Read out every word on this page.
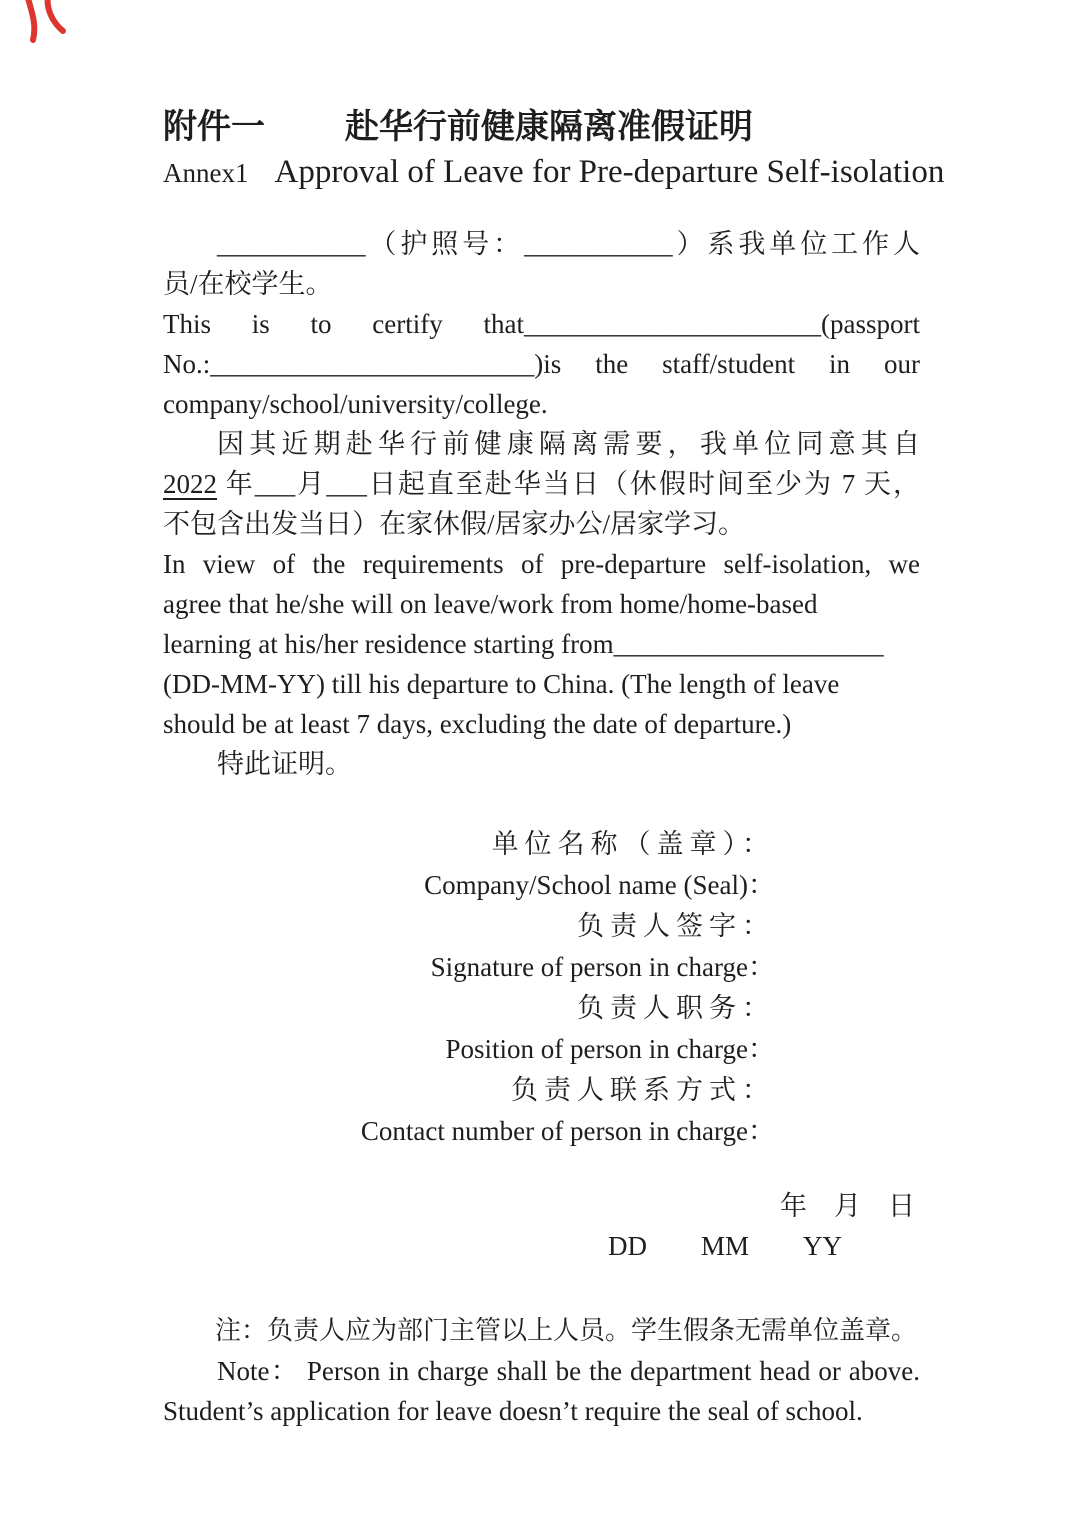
附件一 赴华行前健康隔离准假证明
Annex1 Approval of Leave for Pre-departure Self-isolation
___________（护照号：___________）系我单位工作人
员/在校学生。
This is to certify that______________________(passport
No.:________________________)is the staff/student in our
company/school/university/college.
因其近期赴华行前健康隔离需要，我单位同意其自
2022 年___月___日起直至赴华当日（休假时间至少为 7 天，
不包含出发当日）在家休假/居家办公/居家学习。
In view of the requirements of pre-departure self-isolation, we
agree that he/she will on leave/work from home/home-based
learning at his/her residence starting from____________________
(DD-MM-YY) till his departure to China. (The length of leave
should be at least 7 days, excluding the date of departure.)
特此证明。
单位名称（盖章）：
Company/School name (Seal)：
负责人签字：
Signature of person in charge：
负责人职务：
Position of person in charge：
负责人联系方式：
Contact number of person in charge：
年　月　日
DD　　MM　　YY
注：负责人应为部门主管以上人员。学生假条无需单位盖章。
Note： Person in charge shall be the department head or above.
Student’s application for leave doesn’t require the seal of school.
